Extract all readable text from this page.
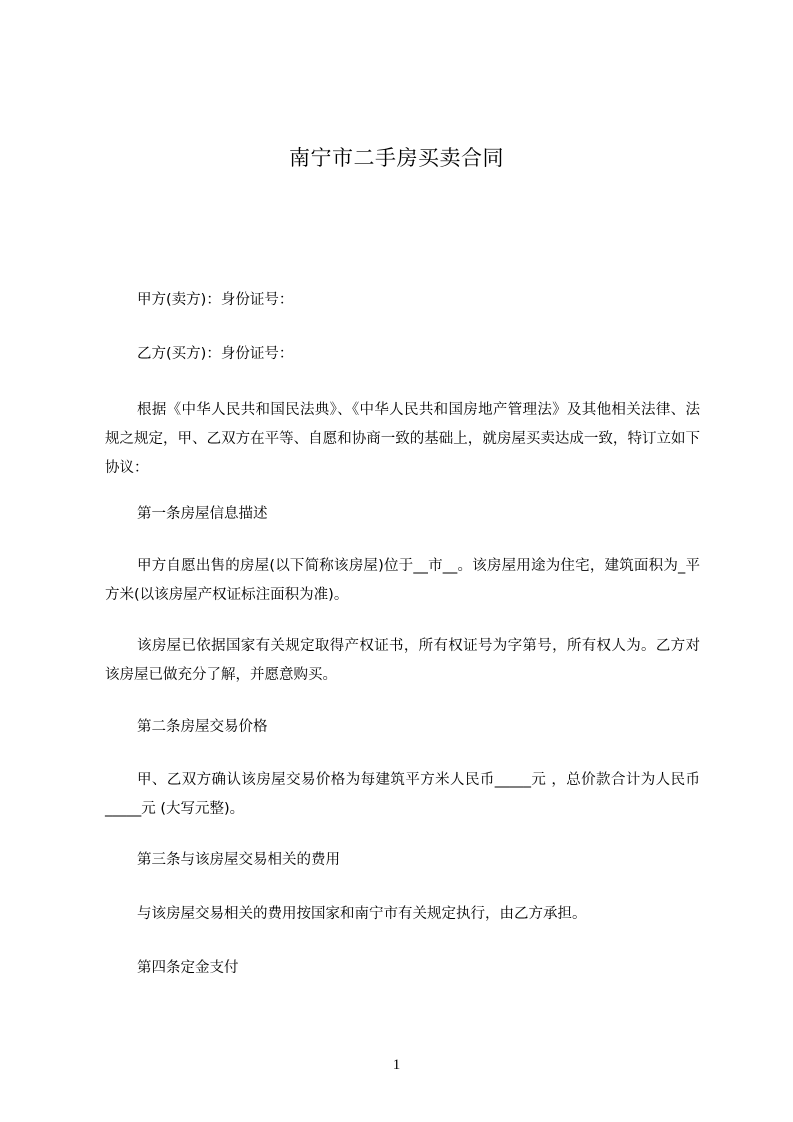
南宁市二手房买卖合同
甲方(卖方)：身份证号：
乙方(买方)：身份证号：
根据《中华人民共和国民法典》、《中华人民共和国房地产管理法》及其他相关法律、法规之规定，甲、乙双方在平等、自愿和协商一致的基础上，就房屋买卖达成一致，特订立如下协议：
第一条房屋信息描述
甲方自愿出售的房屋(以下简称该房屋)位于__市__。该房屋用途为住宅，建筑面积为_平方米(以该房屋产权证标注面积为准)。
该房屋已依据国家有关规定取得产权证书，所有权证号为字第号，所有权人为。乙方对该房屋已做充分了解，并愿意购买。
第二条房屋交易价格
甲、乙双方确认该房屋交易价格为每建筑平方米人民币_____元 ，总价款合计为人民币_____元 (大写元整)。
第三条与该房屋交易相关的费用
与该房屋交易相关的费用按国家和南宁市有关规定执行，由乙方承担。
第四条定金支付
1
